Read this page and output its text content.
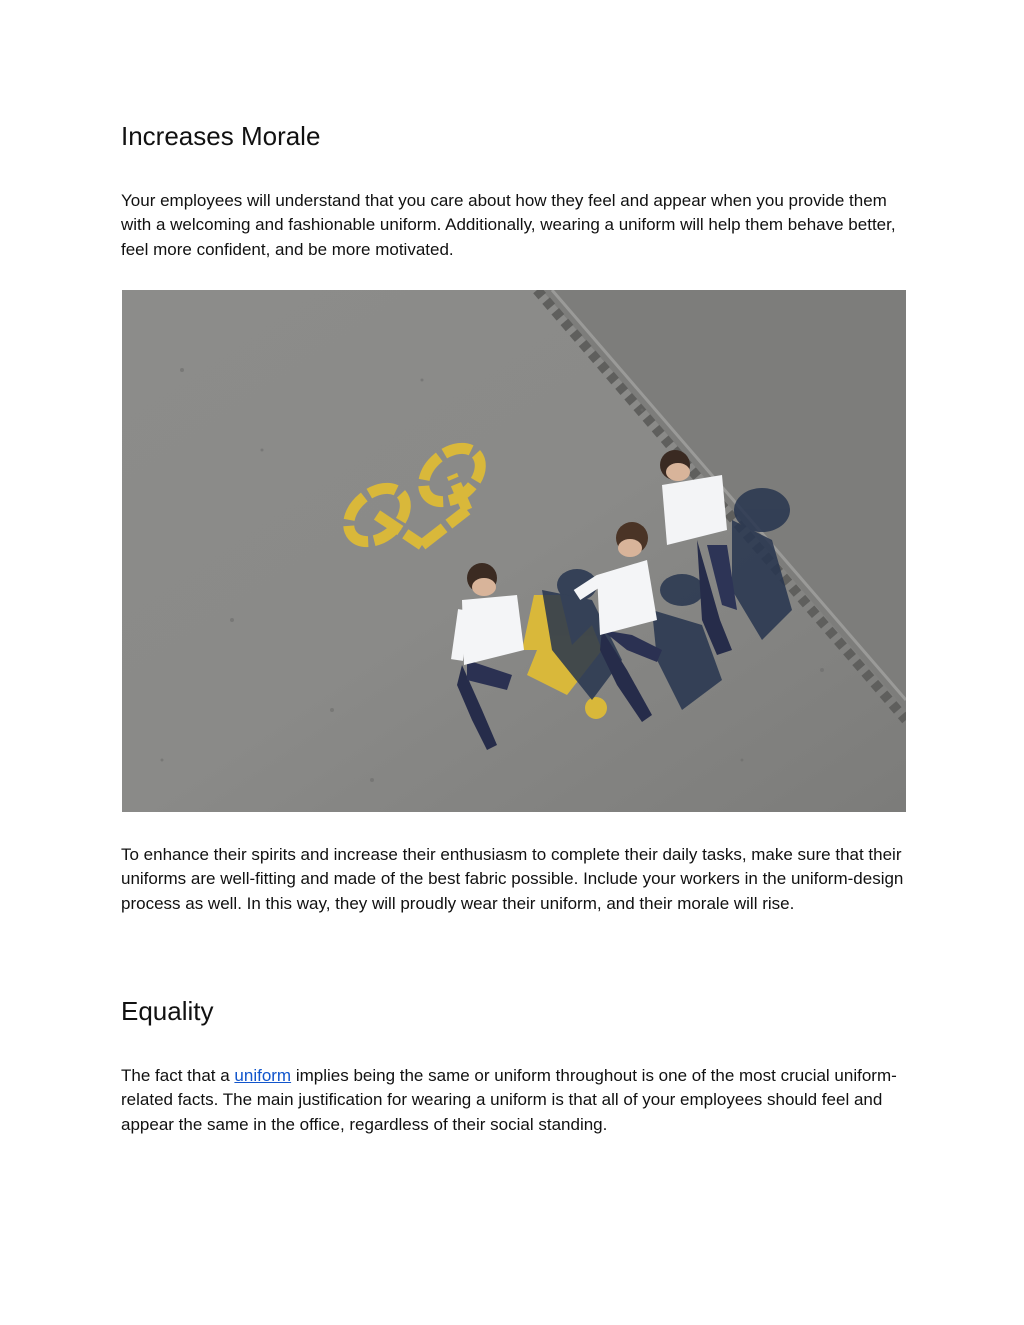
Increases Morale

Your employees will understand that you care about how they feel and appear when you provide them with a welcoming and fashionable uniform. Additionally, wearing a uniform will help them behave better, feel more confident, and be more motivated.

To enhance their spirits and increase their enthusiasm to complete their daily tasks, make sure that their uniforms are well-fitting and made of the best fabric possible. Include your workers in the uniform-design process as well. In this way, they will proudly wear their uniform, and their morale will rise.

Equality

The fact that a uniform implies being the same or uniform throughout is one of the most crucial uniform-related facts. The main justification for wearing a uniform is that all of your employees should feel and appear the same in the office, regardless of their social standing.
